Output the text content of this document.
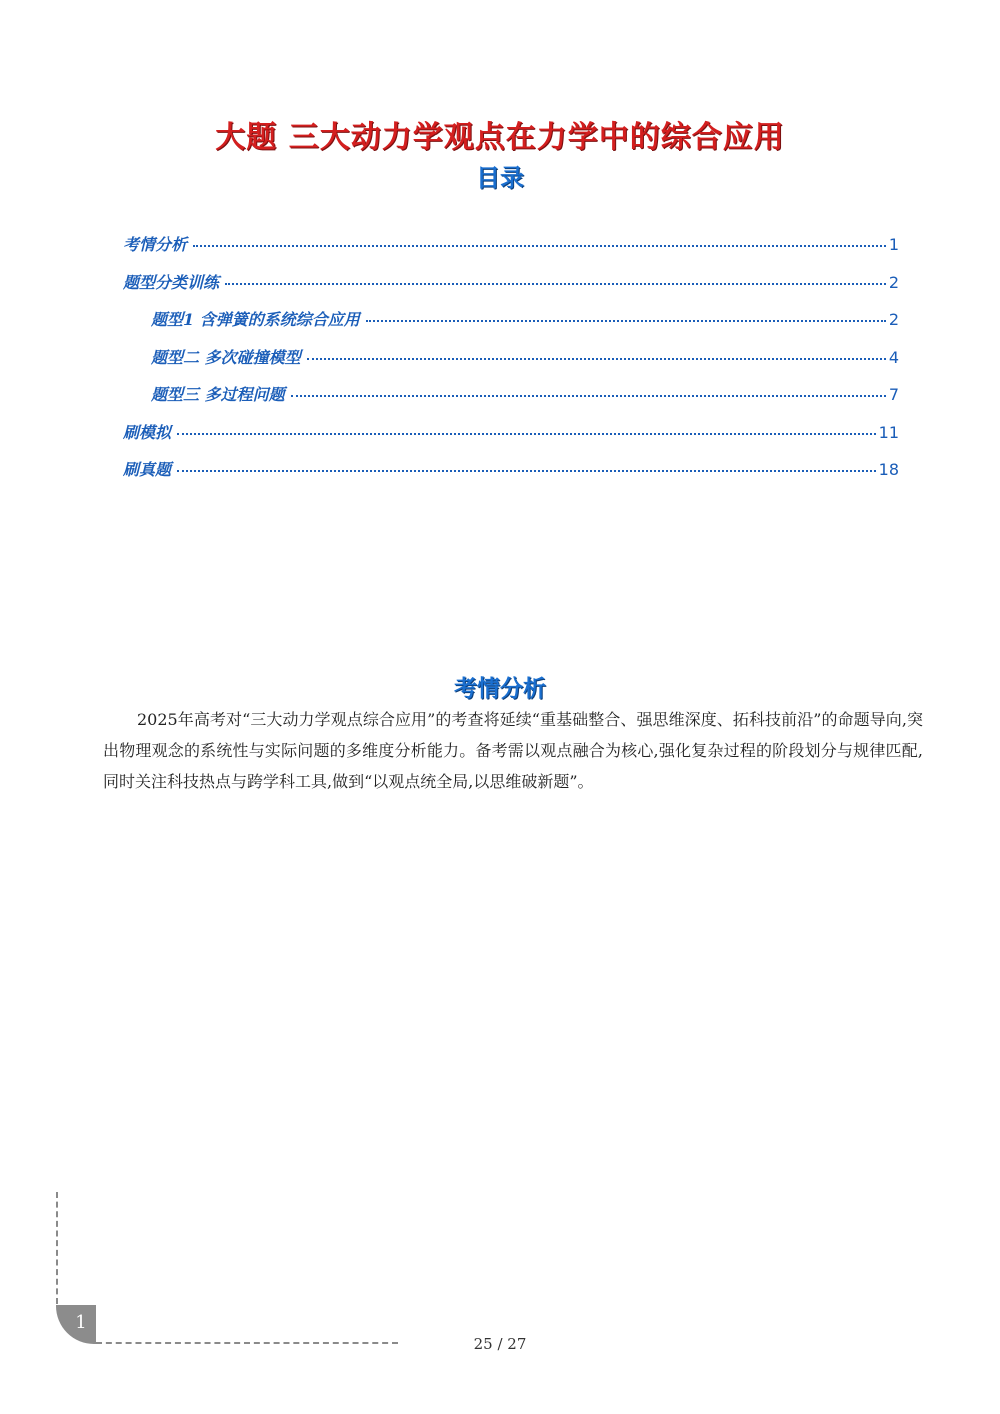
大题 三大动力学观点在力学中的综合应用
目录
考情分析	1
题型分类训练	2
题型1 含弹簧的系统综合应用	2
题型二 多次碰撞模型	4
题型三 多过程问题	7
刷模拟	11
刷真题	18
考情分析
2025年高考对“三大动力学观点综合应用”的考查将延续“重基础整合、强思维深度、拓科技前沿”的命题导向,突出物理观念的系统性与实际问题的多维度分析能力。备考需以观点融合为核心,强化复杂过程的阶段划分与规律匹配,同时关注科技热点与跨学科工具,做到“以观点统全局,以思维破新题”。
1
25 / 27
